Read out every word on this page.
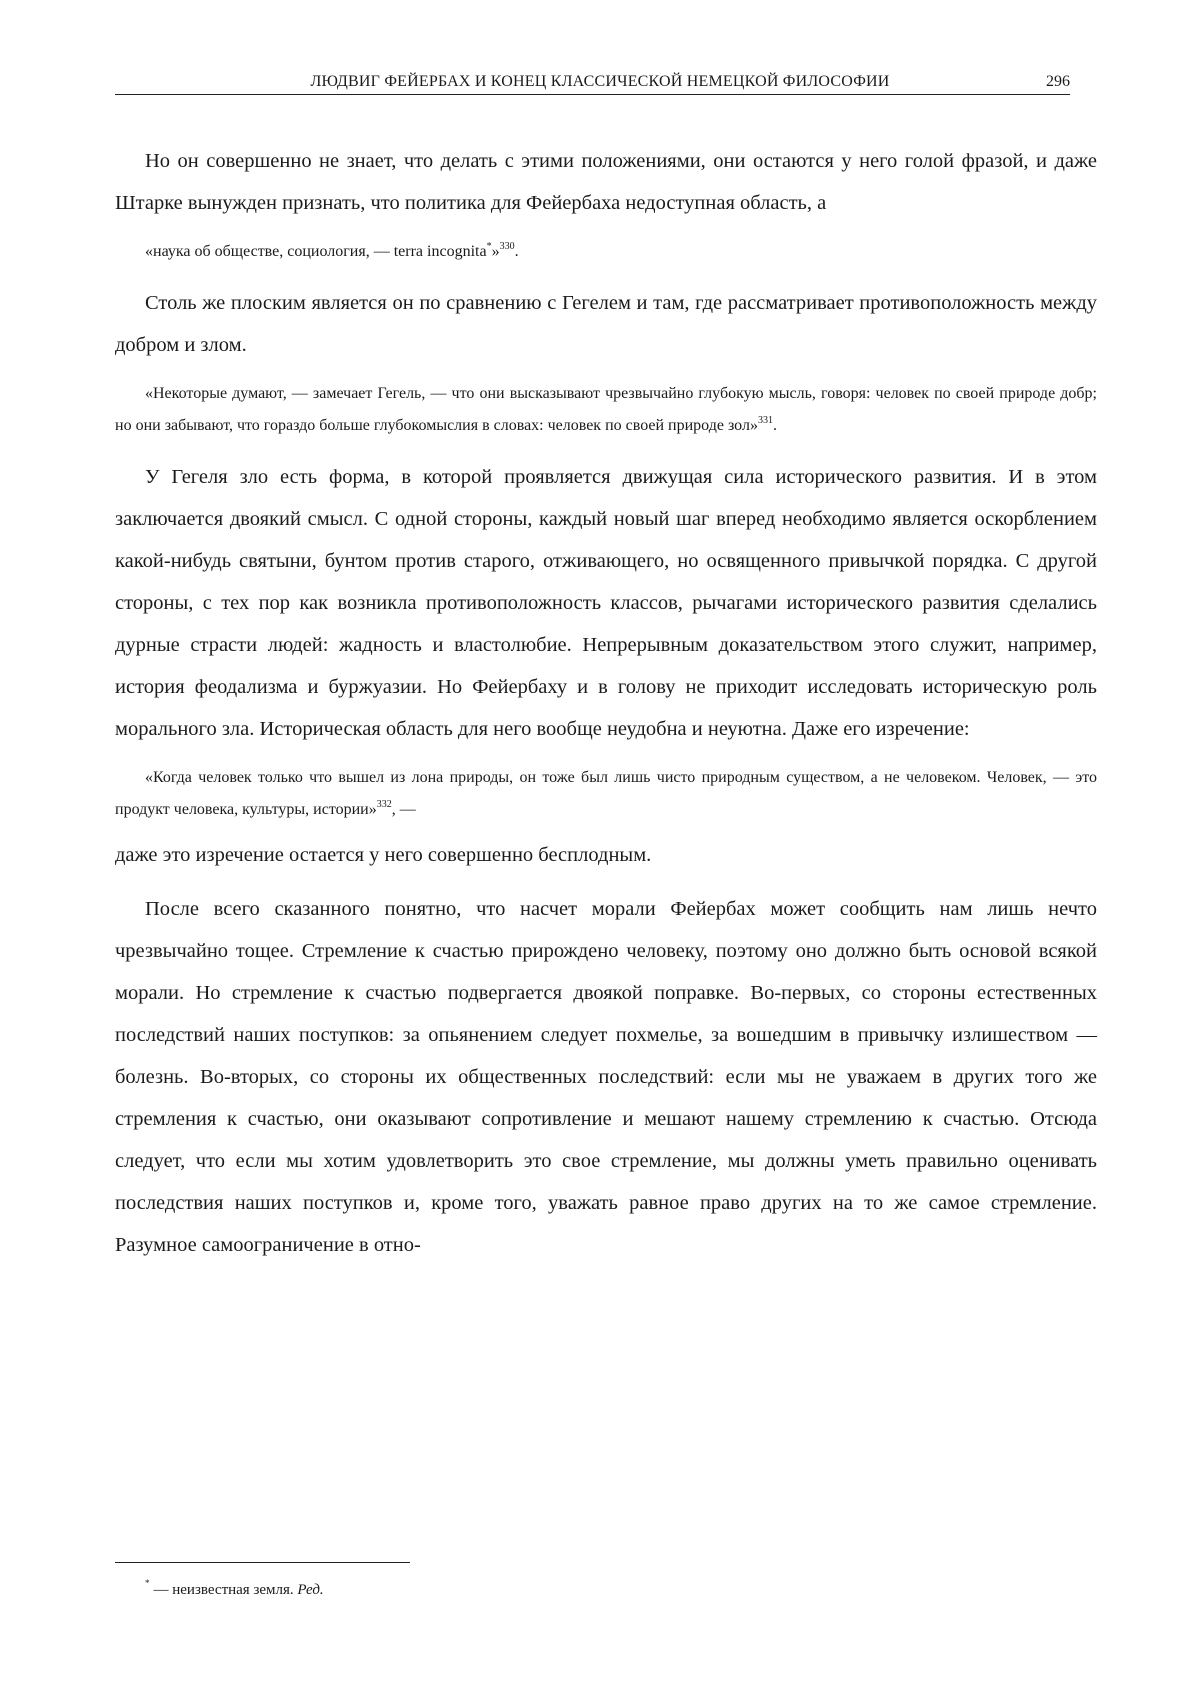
ЛЮДВИГ ФЕЙЕРБАХ И КОНЕЦ КЛАССИЧЕСКОЙ НЕМЕЦКОЙ ФИЛОСОФИИ	296

Но он совершенно не знает, что делать с этими положениями, они остаются у него голой фразой, и даже Штарке вынужден признать, что политика для Фейербаха недоступная область, а

«наука об обществе, социология, — terra incognita*»$^{330}$.

Столь же плоским является он по сравнению с Гегелем и там, где рассматривает противоположность между добром и злом.

«Некоторые думают, — замечает Гегель, — что они высказывают чрезвычайно глубокую мысль, говоря: человек по своей природе добр; но они забывают, что гораздо больше глубокомыслия в словах: человек по своей природе зол»$^{331}$.

У Гегеля зло есть форма, в которой проявляется движущая сила исторического развития. И в этом заключается двоякий смысл. С одной стороны, каждый новый шаг вперед необходимо является оскорблением какой-нибудь святыни, бунтом против старого, отживающего, но освященного привычкой порядка. С другой стороны, с тех пор как возникла противоположность классов, рычагами исторического развития сделались дурные страсти людей: жадность и властолюбие. Непрерывным доказательством этого служит, например, история феодализма и буржуазии. Но Фейербаху и в голову не приходит исследовать историческую роль морального зла. Историческая область для него вообще неудобна и неуютна. Даже его изречение:

«Когда человек только что вышел из лона природы, он тоже был лишь чисто природным существом, а не человеком. Человек, — это продукт человека, культуры, истории»$^{332}$, —

даже это изречение остается у него совершенно бесплодным.

После всего сказанного понятно, что насчет морали Фейербах может сообщить нам лишь нечто чрезвычайно тощее. Стремление к счастью прирождено человеку, поэтому оно должно быть основой всякой морали. Но стремление к счастью подвергается двоякой поправке. Во-первых, со стороны естественных последствий наших поступков: за опьянением следует похмелье, за вошедшим в привычку излишеством — болезнь. Во-вторых, со стороны их общественных последствий: если мы не уважаем в других того же стремления к счастью, они оказывают сопротивление и мешают нашему стремлению к счастью. Отсюда следует, что если мы хотим удовлетворить это свое стремление, мы должны уметь правильно оценивать последствия наших поступков и, кроме того, уважать равное право других на то же самое стремление. Разумное самоограничение в отно-

* — неизвестная земля. Ред.
